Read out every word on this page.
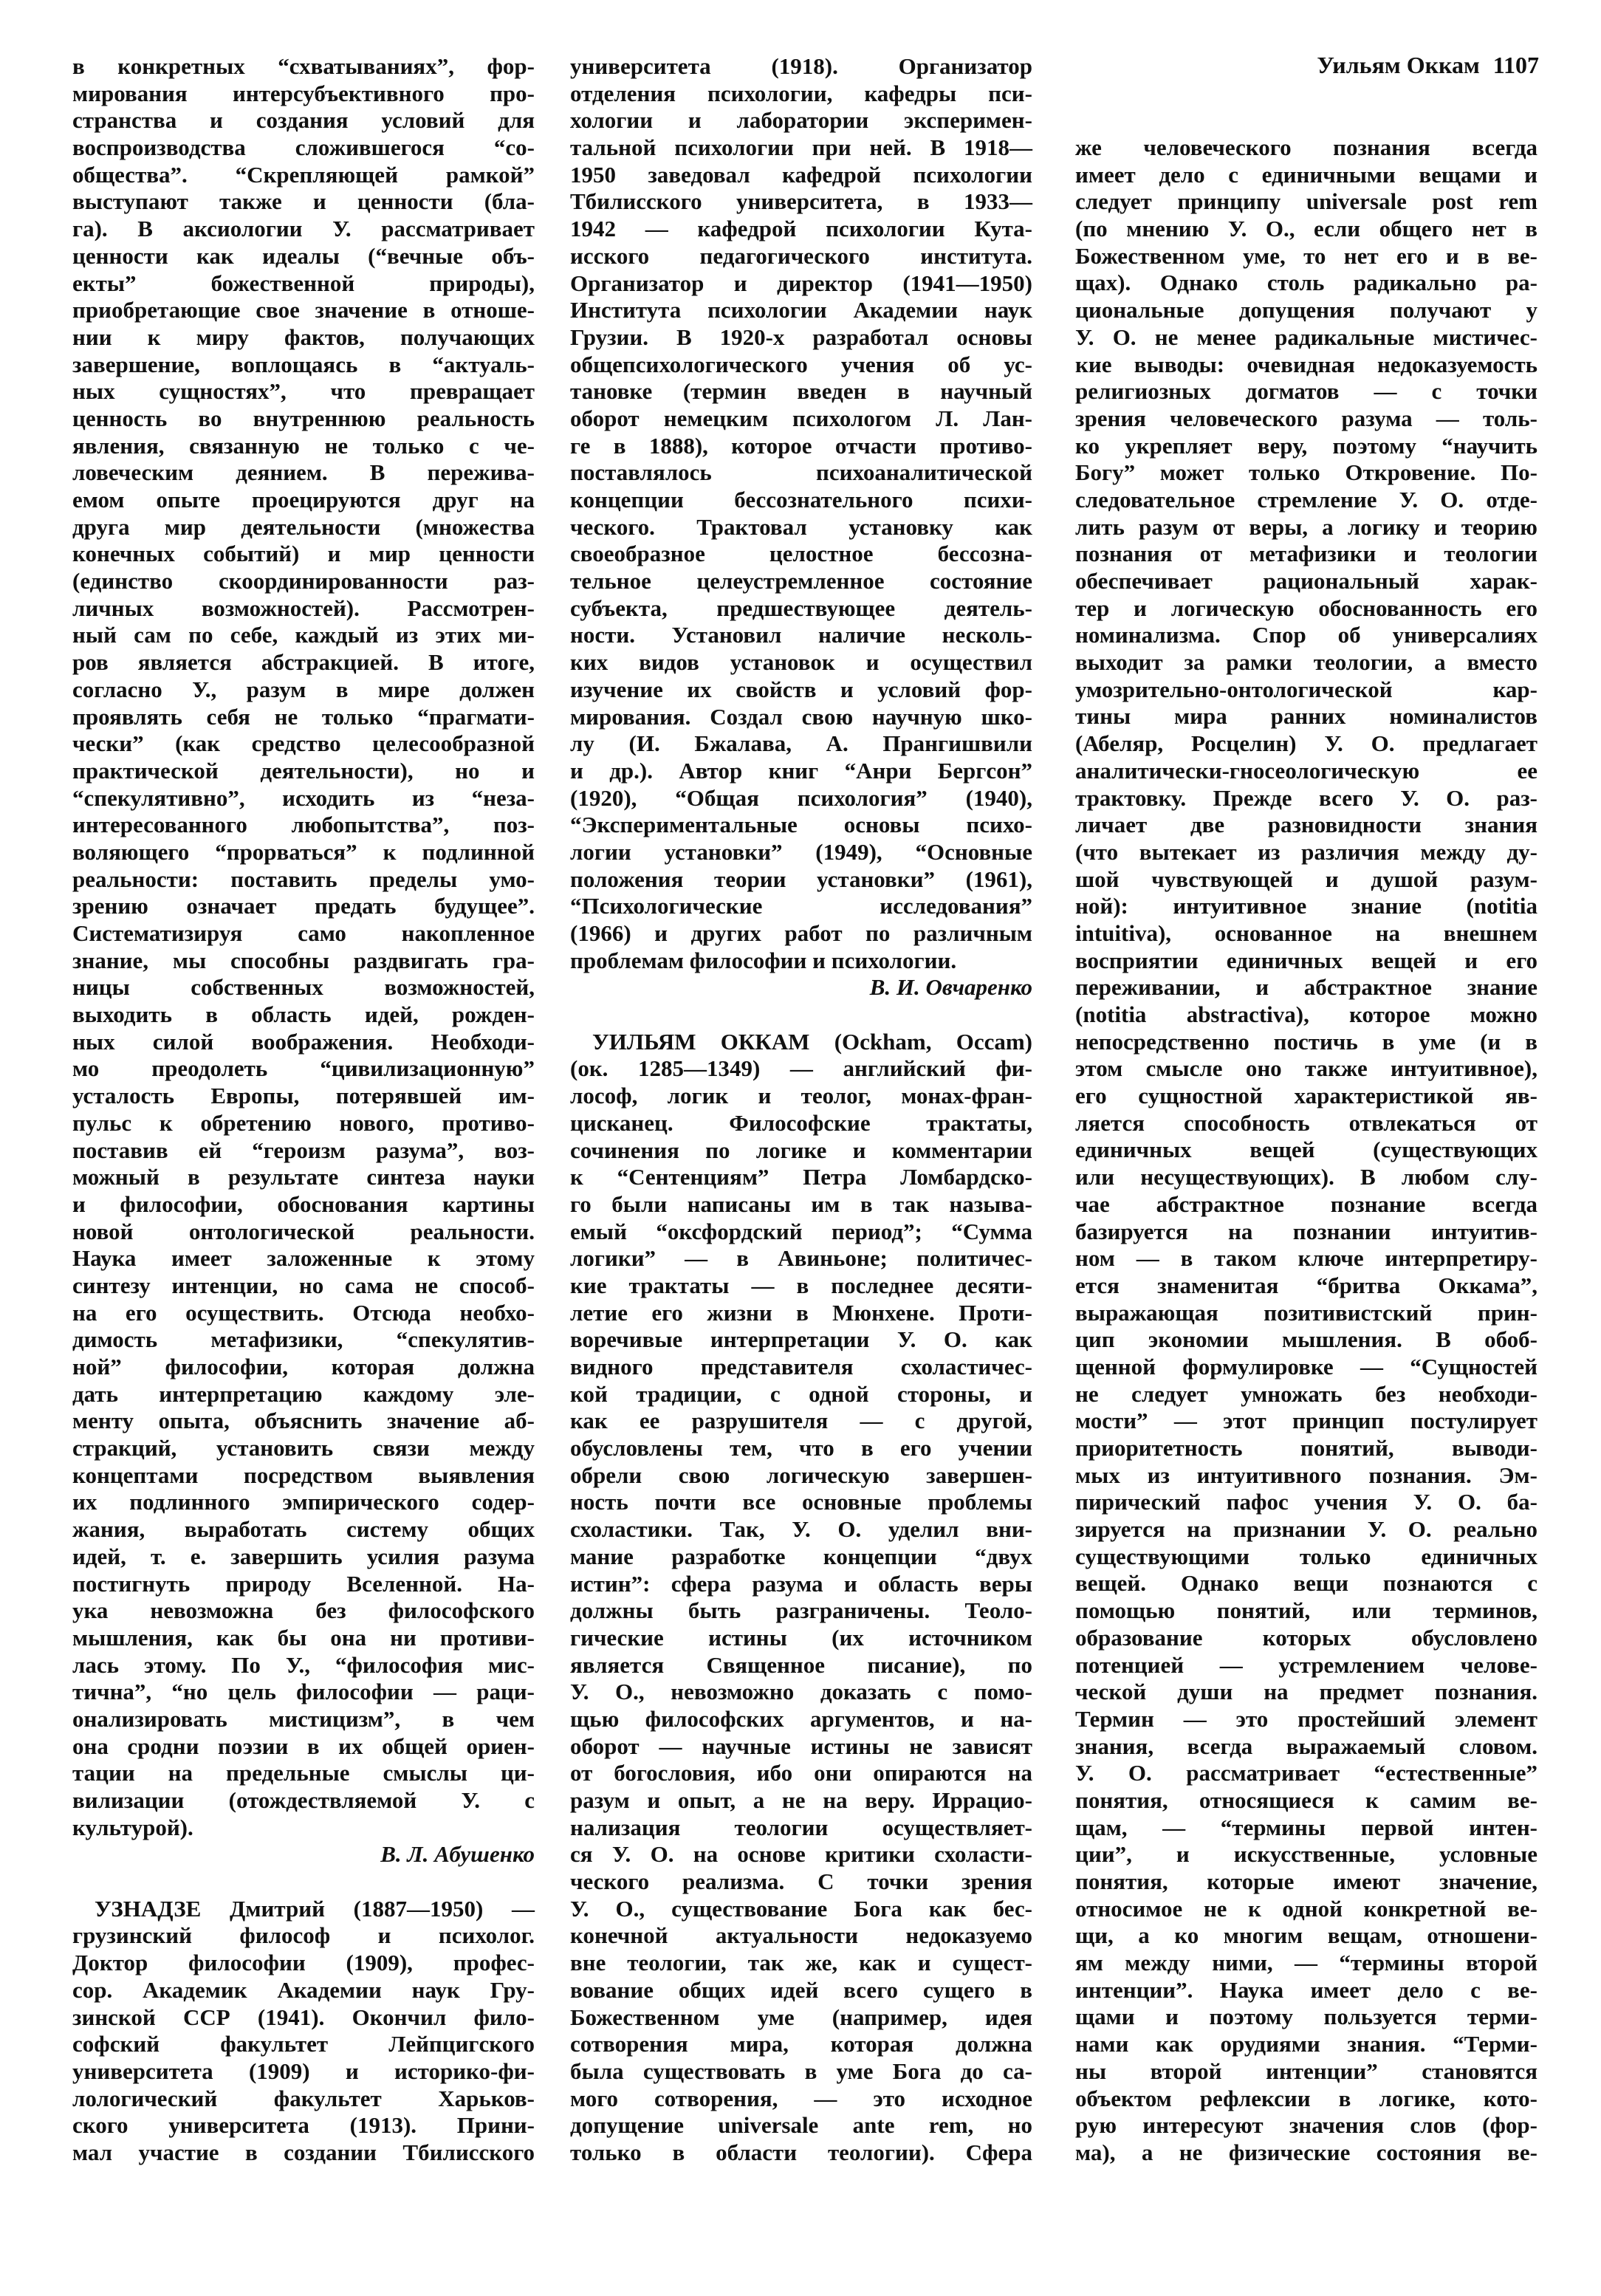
Уильям Оккам 1107
в конкретных “схватываниях”, фор-
мирования интерсубъективного про-
странства и создания условий для
воспроизводства сложившегося “со-
общества”. “Скрепляющей рамкой”
выступают также и ценности (бла-
га). В аксиологии У. рассматривает
ценности как идеалы (“вечные объ-
екты” божественной природы),
приобретающие свое значение в отноше-
нии к миру фактов, получающих
завершение, воплощаясь в “актуаль-
ных сущностях”, что превращает
ценность во внутреннюю реальность
явления, связанную не только с че-
ловеческим деянием. В пережива-
емом опыте проецируются друг на
друга мир деятельности (множества
конечных событий) и мир ценности
(единство скоординированности раз-
личных возможностей). Рассмотрен-
ный сам по себе, каждый из этих ми-
ров является абстракцией. В итоге,
согласно У., разум в мире должен
проявлять себя не только “прагмати-
чески” (как средство целесообразной
практической деятельности), но и
“спекулятивно”, исходить из “неза-
интересованного любопытства”, поз-
воляющего “прорваться” к подлинной
реальности: поставить пределы умо-
зрению означает предать будущее”.
Систематизируя само накопленное
знание, мы способны раздвигать гра-
ницы собственных возможностей,
выходить в область идей, рожден-
ных силой воображения. Необходи-
мо преодолеть “цивилизационную”
усталость Европы, потерявшей им-
пульс к обретению нового, противо-
поставив ей “героизм разума”, воз-
можный в результате синтеза науки
и философии, обоснования картины
новой онтологической реальности.
Наука имеет заложенные к этому
синтезу интенции, но сама не способ-
на его осуществить. Отсюда необхо-
димость метафизики, “спекулятив-
ной” философии, которая должна
дать интерпретацию каждому эле-
менту опыта, объяснить значение аб-
стракций, установить связи между
концептами посредством выявления
их подлинного эмпирического содер-
жания, выработать систему общих
идей, т. е. завершить усилия разума
постигнуть природу Вселенной. На-
ука невозможна без философского
мышления, как бы она ни противи-
лась этому. По У., “философия мис-
тична”, “но цель философии — раци-
онализировать мистицизм”, в чем
она сродни поэзии в их общей ориен-
тации на предельные смыслы ци-
вилизации (отождествляемой У. с
культурой).
В. Л. Абушенко
УЗНАДЗЕ Дмитрий (1887—1950) —
грузинский философ и психолог.
Доктор философии (1909), профес-
сор. Академик Академии наук Гру-
зинской ССР (1941). Окончил фило-
софский факультет Лейпцигского
университета (1909) и историко-фи-
лологический факультет Харьков-
ского университета (1913). Прини-
мал участие в создании Тбилисского
университета (1918). Организатор
отделения психологии, кафедры пси-
хологии и лаборатории эксперимен-
тальной психологии при ней. В 1918—
1950 заведовал кафедрой психологии
Тбилисского университета, в 1933—
1942 — кафедрой психологии Кута-
исского педагогического института.
Организатор и директор (1941—1950)
Института психологии Академии наук
Грузии. В 1920-х разработал основы
общепсихологического учения об ус-
тановке (термин введен в научный
оборот немецким психологом Л. Лан-
ге в 1888), которое отчасти противо-
поставлялось психоаналитической
концепции бессознательного психи-
ческого. Трактовал установку как
своеобразное целостное бессозна-
тельное целеустремленное состояние
субъекта, предшествующее деятель-
ности. Установил наличие несколь-
ких видов установок и осуществил
изучение их свойств и условий фор-
мирования. Создал свою научную шко-
лу (И. Бжалава, А. Прангишвили
и др.). Автор книг “Анри Бергсон”
(1920), “Общая психология” (1940),
“Экспериментальные основы психо-
логии установки” (1949), “Основные
положения теории установки” (1961),
“Психологические исследования”
(1966) и других работ по различным
проблемам философии и психологии.
В. И. Овчаренко
УИЛЬЯМ ОККАМ (Ockham, Occam)
(ок. 1285—1349) — английский фи-
лософ, логик и теолог, монах-фран-
цисканец. Философские трактаты,
сочинения по логике и комментарии
к “Сентенциям” Петра Ломбардско-
го были написаны им в так называ-
емый “оксфордский период”; “Сумма
логики” — в Авиньоне; политичес-
кие трактаты — в последнее десяти-
летие его жизни в Мюнхене. Проти-
воречивые интерпретации У. О. как
видного представителя схоластичес-
кой традиции, с одной стороны, и
как ее разрушителя — с другой,
обусловлены тем, что в его учении
обрели свою логическую завершен-
ность почти все основные проблемы
схоластики. Так, У. О. уделил вни-
мание разработке концепции “двух
истин”: сфера разума и область веры
должны быть разграничены. Теоло-
гические истины (их источником
является Священное писание), по
У. О., невозможно доказать с помо-
щью философских аргументов, и на-
оборот — научные истины не зависят
от богословия, ибо они опираются на
разум и опыт, а не на веру. Иррацио-
нализация теологии осуществляет-
ся У. О. на основе критики схоласти-
ческого реализма. С точки зрения
У. О., существование Бога как бес-
конечной актуальности недоказуемо
вне теологии, так же, как и сущест-
вование общих идей всего сущего в
Божественном уме (например, идея
сотворения мира, которая должна
была существовать в уме Бога до са-
мого сотворения, — это исходное
допущение universale ante rem, но
только в области теологии). Сфера
же человеческого познания всегда
имеет дело с единичными вещами и
следует принципу universale post rem
(по мнению У. О., если общего нет в
Божественном уме, то нет его и в ве-
щах). Однако столь радикально ра-
циональные допущения получают у
У. О. не менее радикальные мистичес-
кие выводы: очевидная недоказуемость
религиозных догматов — с точки
зрения человеческого разума — толь-
ко укрепляет веру, поэтому “научить
Богу” может только Откровение. По-
следовательное стремление У. О. отде-
лить разум от веры, а логику и теорию
познания от метафизики и теологии
обеспечивает рациональный харак-
тер и логическую обоснованность его
номинализма. Спор об универсалиях
выходит за рамки теологии, а вместо
умозрительно-онтологической кар-
тины мира ранних номиналистов
(Абеляр, Росцелин) У. О. предлагает
аналитически-гносеологическую ее
трактовку. Прежде всего У. О. раз-
личает две разновидности знания
(что вытекает из различия между ду-
шой чувствующей и душой разум-
ной): интуитивное знание (notitia
intuitiva), основанное на внешнем
восприятии единичных вещей и его
переживании, и абстрактное знание
(notitia abstractiva), которое можно
непосредственно постичь в уме (и в
этом смысле оно также интуитивное),
его сущностной характеристикой яв-
ляется способность отвлекаться от
единичных вещей (существующих
или несуществующих). В любом слу-
чае абстрактное познание всегда
базируется на познании интуитив-
ном — в таком ключе интерпретиру-
ется знаменитая “бритва Оккама”,
выражающая позитивистский прин-
цип экономии мышления. В обоб-
щенной формулировке — “Сущностей
не следует умножать без необходи-
мости” — этот принцип постулирует
приоритетность понятий, выводи-
мых из интуитивного познания. Эм-
пирический пафос учения У. О. ба-
зируется на признании У. О. реально
существующими только единичных
вещей. Однако вещи познаются с
помощью понятий, или терминов,
образование которых обусловлено
потенцией — устремлением челове-
ческой души на предмет познания.
Термин — это простейший элемент
знания, всегда выражаемый словом.
У. О. рассматривает “естественные”
понятия, относящиеся к самим ве-
щам, — “термины первой интен-
ции”, и искусственные, условные
понятия, которые имеют значение,
относимое не к одной конкретной ве-
щи, а ко многим вещам, отношени-
ям между ними, — “термины второй
интенции”. Наука имеет дело с ве-
щами и поэтому пользуется терми-
нами как орудиями знания. “Терми-
ны второй интенции” становятся
объектом рефлексии в логике, кото-
рую интересуют значения слов (фор-
ма), а не физические состояния ве-
